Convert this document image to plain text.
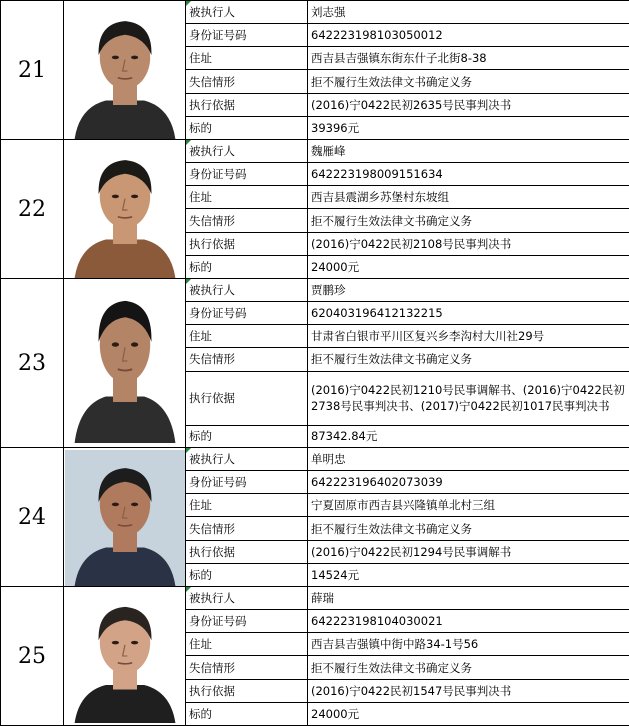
21		被执行人	刘志强
		身份证号码	642223198103050012
		住址	西吉县吉强镇东街东什子北街8-38
		失信情形	拒不履行生效法律文书确定义务
		执行依据	(2016)宁0422民初2635号民事判决书
		标的	39396元
22		被执行人	魏雁峰
		身份证号码	642223198009151634
		住址	西吉县震湖乡苏堡村东坡组
		失信情形	拒不履行生效法律文书确定义务
		执行依据	(2016)宁0422民初2108号民事判决书
		标的	24000元
23		被执行人	贾鹏珍
		身份证号码	620403196412132215
		住址	甘肃省白银市平川区复兴乡李沟村大川社29号
		失信情形	拒不履行生效法律文书确定义务
		执行依据	(2016)宁0422民初1210号民事调解书、(2016)宁0422民初2738号民事判决书、(2017)宁0422民初1017民事判决书
		标的	87342.84元
24		被执行人	单明忠
		身份证号码	642223196402073039
		住址	宁夏固原市西吉县兴隆镇单北村三组
		失信情形	拒不履行生效法律文书确定义务
		执行依据	(2016)宁0422民初1294号民事调解书
		标的	14524元
25		被执行人	薛瑞
		身份证号码	642223198104030021
		住址	西吉县吉强镇中街中路34-1号56
		失信情形	拒不履行生效法律文书确定义务
		执行依据	(2016)宁0422民初1547号民事判决书
		标的	24000元
